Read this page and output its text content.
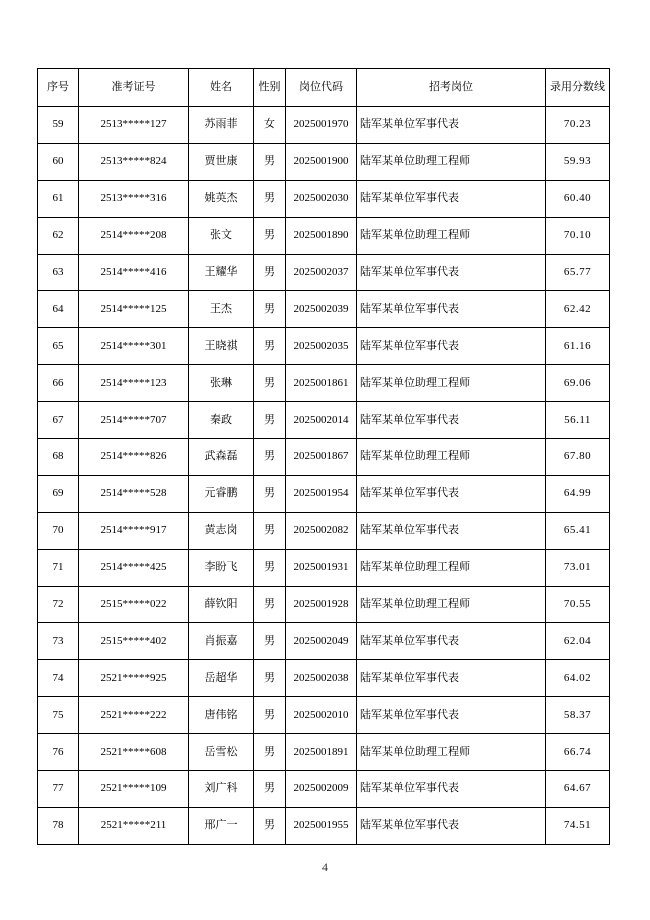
序号	准考证号	姓名	性别	岗位代码	招考岗位	录用分数线
59	2513*****127	苏雨菲	女	2025001970	陆军某单位军事代表	70.23
60	2513*****824	贾世康	男	2025001900	陆军某单位助理工程师	59.93
61	2513*****316	姚英杰	男	2025002030	陆军某单位军事代表	60.40
62	2514*****208	张文	男	2025001890	陆军某单位助理工程师	70.10
63	2514*****416	王耀华	男	2025002037	陆军某单位军事代表	65.77
64	2514*****125	王杰	男	2025002039	陆军某单位军事代表	62.42
65	2514*****301	王晓祺	男	2025002035	陆军某单位军事代表	61.16
66	2514*****123	张琳	男	2025001861	陆军某单位助理工程师	69.06
67	2514*****707	秦政	男	2025002014	陆军某单位军事代表	56.11
68	2514*****826	武森磊	男	2025001867	陆军某单位助理工程师	67.80
69	2514*****528	元睿鹏	男	2025001954	陆军某单位军事代表	64.99
70	2514*****917	黄志岗	男	2025002082	陆军某单位军事代表	65.41
71	2514*****425	李盼飞	男	2025001931	陆军某单位助理工程师	73.01
72	2515*****022	薛钦阳	男	2025001928	陆军某单位助理工程师	70.55
73	2515*****402	肖振嘉	男	2025002049	陆军某单位军事代表	62.04
74	2521*****925	岳超华	男	2025002038	陆军某单位军事代表	64.02
75	2521*****222	唐伟铭	男	2025002010	陆军某单位军事代表	58.37
76	2521*****608	岳雪松	男	2025001891	陆军某单位助理工程师	66.74
77	2521*****109	刘广科	男	2025002009	陆军某单位军事代表	64.67
78	2521*****211	邢广一	男	2025001955	陆军某单位军事代表	74.51
4
